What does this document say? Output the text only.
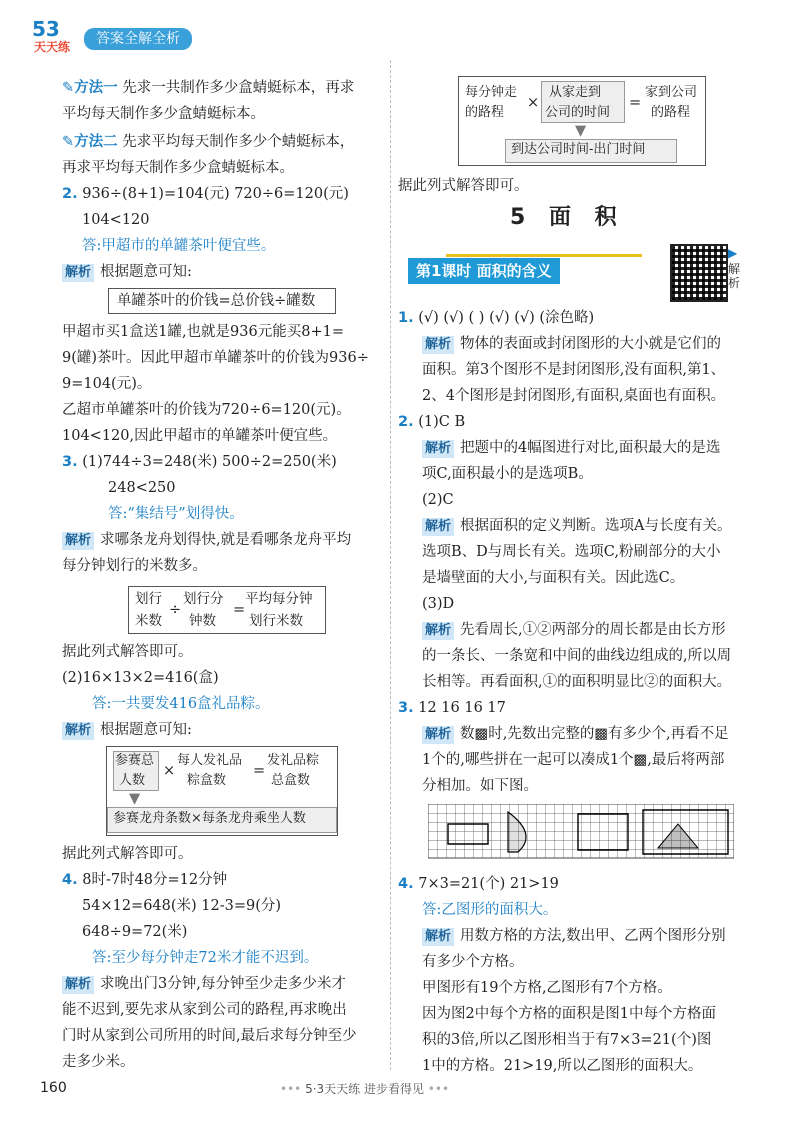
53
天天练	答案全解全析
✎方法一 先求一共制作多少盒蜻蜓标本，再求
平均每天制作多少盒蜻蜓标本。
✎方法二 先求平均每天制作多少个蜻蜓标本，
再求平均每天制作多少盒蜻蜓标本。
2. 936÷(8+1)=104(元) 720÷6=120(元)
104<120
答:甲超市的单罐茶叶便宜些。
解析 根据题意可知:
单罐茶叶的价钱=总价钱÷罐数
甲超市买1盒送1罐,也就是936元能买8+1=
9(罐)茶叶。因此甲超市单罐茶叶的价钱为936÷
9=104(元)。
乙超市单罐茶叶的价钱为720÷6=120(元)。
104<120,因此甲超市的单罐茶叶便宜些。
3. (1)744÷3=248(米) 500÷2=250(米)
248<250
答:“集结号”划得快。
解析 求哪条龙舟划得快,就是看哪条龙舟平均
每分钟划行的米数多。
划行
米数
÷
划行分
钟数
=
平均每分钟
划行米数
据此列式解答即可。
(2)16×13×2=416(盒)
答:一共要发416盒礼品粽。
解析 根据题意可知:
参赛总
人数
×
每人发礼品
粽盒数
=
发礼品粽
总盒数
▼
参赛龙舟条数×每条龙舟乘坐人数
据此列式解答即可。
4. 8时-7时48分=12分钟
54×12=648(米) 12-3=9(分)
648÷9=72(米)
答:至少每分钟走72米才能不迟到。
解析 求晚出门3分钟,每分钟至少走多少米才
能不迟到,要先求从家到公司的路程,再求晚出
门时从家到公司所用的时间,最后求每分钟至少
走多少米。
每分钟走
的路程
×
从家走到
公司的时间
=
家到公司
的路程
▼
到达公司时间-出门时间
据此列式解答即可。
5 面 积
第1课时 面积的含义
▶
解析
1. (√) (√) ( ) (√) (√) (涂色略)
解析 物体的表面或封闭图形的大小就是它们的
面积。第3个图形不是封闭图形,没有面积,第1、
2、4个图形是封闭图形,有面积,桌面也有面积。
2. (1)C B
解析 把题中的4幅图进行对比,面积最大的是选
项C,面积最小的是选项B。
(2)C
解析 根据面积的定义判断。选项A与长度有关。
选项B、D与周长有关。选项C,粉刷部分的大小
是墙壁面的大小,与面积有关。因此选C。
(3)D
解析 先看周长,①②两部分的周长都是由长方形
的一条长、一条宽和中间的曲线边组成的,所以周
长相等。再看面积,①的面积明显比②的面积大。
3. 12 16 16 17
解析 数▩时,先数出完整的▩有多少个,再看不足
1个的,哪些拼在一起可以凑成1个▩,最后将两部
分相加。如下图。
4. 7×3=21(个) 21>19
答:乙图形的面积大。
解析 用数方格的方法,数出甲、乙两个图形分别
有多少个方格。
甲图形有19个方格,乙图形有7个方格。
因为图2中每个方格的面积是图1中每个方格面
积的3倍,所以乙图形相当于有7×3=21(个)图
1中的方格。21>19,所以乙图形的面积大。
160	••• 5·3天天练 进步看得见 •••
